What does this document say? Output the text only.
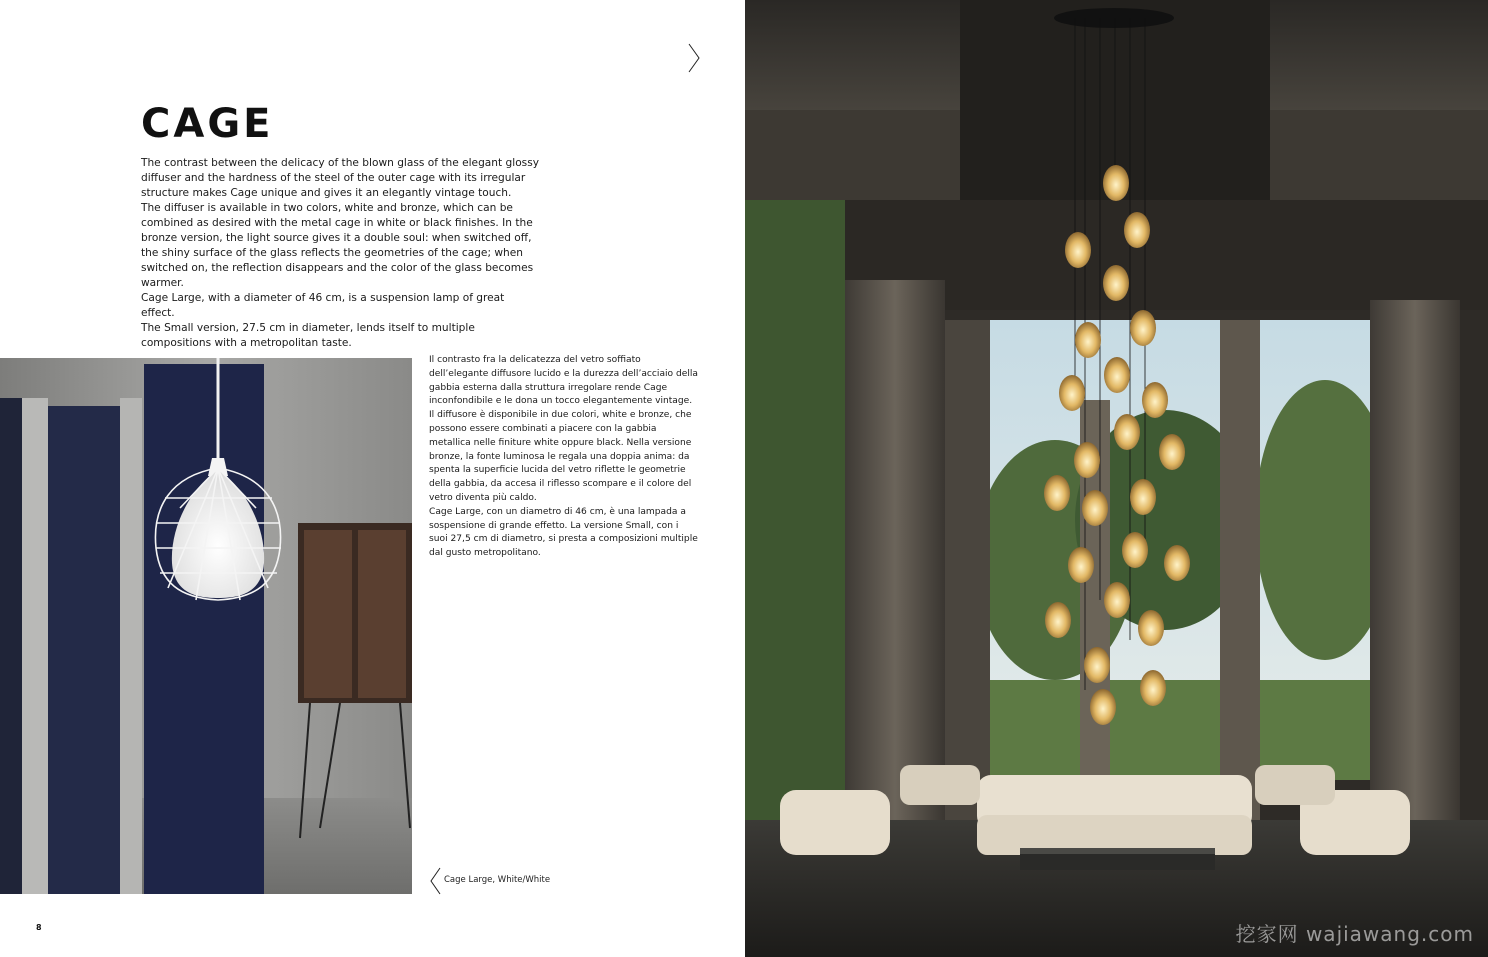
CAGE

The contrast between the delicacy of the blown glass of the elegant glossy diffuser and the hardness of the steel of the outer cage with its irregular structure makes Cage unique and gives it an elegantly vintage touch.

The diffuser is available in two colors, white and bronze, which can be combined as desired with the metal cage in white or black finishes. In the bronze version, the light source gives it a double soul: when switched off, the shiny surface of the glass reflects the geometries of the cage; when switched on, the reflection disappears and the color of the glass becomes warmer.

Cage Large, with a diameter of 46 cm, is a suspension lamp of great effect.

The Small version, 27.5 cm in diameter, lends itself to multiple compositions with a metropolitan taste.

Il contrasto fra la delicatezza del vetro soffiato dell’elegante diffusore lucido e la durezza dell’acciaio della gabbia esterna dalla struttura irregolare rende Cage inconfondibile e le dona un tocco elegantemente vintage.

Il diffusore è disponibile in due colori, white e bronze, che possono essere combinati a piacere con la gabbia metallica nelle finiture white oppure black. Nella versione bronze, la fonte luminosa le regala una doppia anima: da spenta la superficie lucida del vetro riflette le geometrie della gabbia, da accesa il riflesso scompare e il colore del vetro diventa più caldo.

Cage Large, con un diametro di 46 cm, è una lampada a sospensione di grande effetto. La versione Small, con i suoi 27,5 cm di diametro, si presta a composizioni multiple dal gusto metropolitano.

Cage Large, White/White
8	挖家网 wajiawang.com
